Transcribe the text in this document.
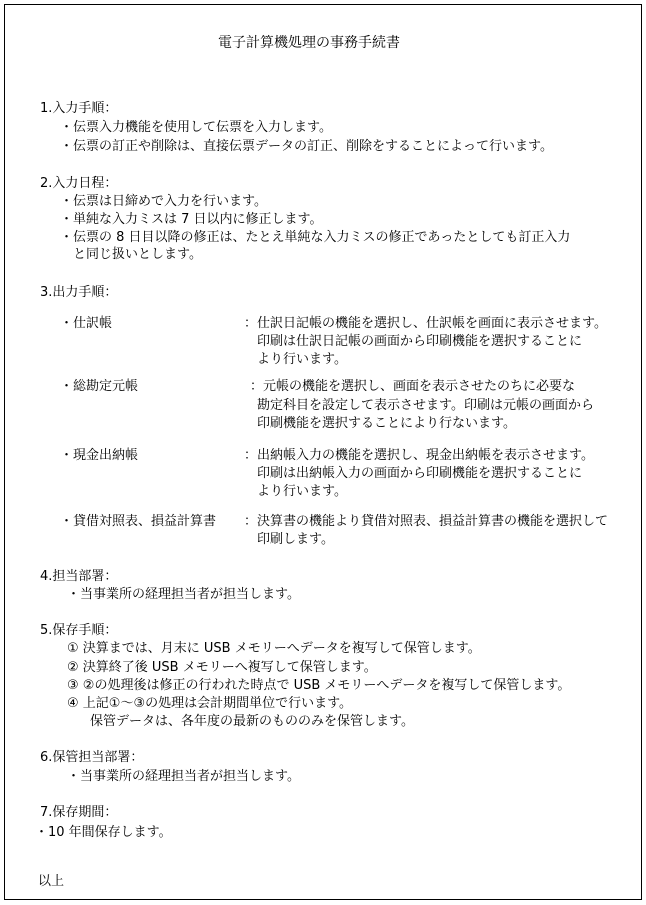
電子計算機処理の事務手続書
1.入力手順：
・伝票入力機能を使用して伝票を入力します。
・伝票の訂正や削除は、直接伝票データの訂正、削除をすることによって行います。
2.入力日程：
・伝票は日締めで入力を行います。
・単純な入力ミスは 7 日以内に修正します。
・伝票の 8 日目以降の修正は、たとえ単純な入力ミスの修正であったとしても訂正入力
と同じ扱いとします。
3.出力手順：
・仕訳帳	：仕訳日記帳の機能を選択し、仕訳帳を画面に表示させます。
印刷は仕訳日記帳の画面から印刷機能を選択することに
より行います。
・総勘定元帳	：元帳の機能を選択し、画面を表示させたのちに必要な
勘定科目を設定して表示させます。印刷は元帳の画面から
印刷機能を選択することにより行ないます。
・現金出納帳	：出納帳入力の機能を選択し、現金出納帳を表示させます。
印刷は出納帳入力の画面から印刷機能を選択することに
より行います。
・貸借対照表、損益計算書 ：決算書の機能より貸借対照表、損益計算書の機能を選択して
印刷します。
4.担当部署：
・当事業所の経理担当者が担当します。
5.保存手順：
① 決算までは、月末に USB メモリーへデータを複写して保管します。
② 決算終了後 USB メモリーへ複写して保管します。
③ ②の処理後は修正の行われた時点で USB メモリーへデータを複写して保管します。
④ 上記①～③の処理は会計期間単位で行います。
保管データは、各年度の最新のもののみを保管します。
6.保管担当部署：
・当事業所の経理担当者が担当します。
7.保存期間：
・10 年間保存します。
以上
